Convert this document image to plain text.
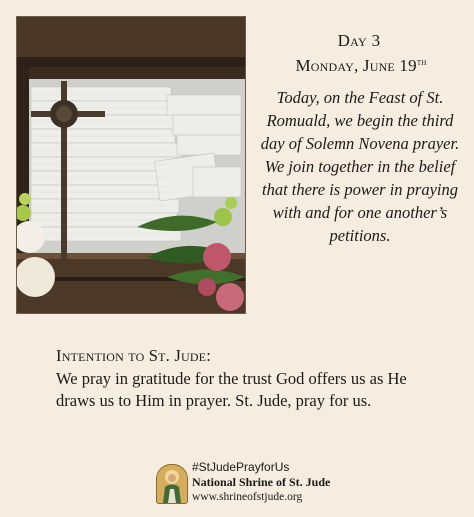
Day 3
Monday, June 19th

Today, on the Feast of St. Romuald, we begin the third day of Solemn Novena prayer. We join together in the belief that there is power in praying with and for one another’s petitions.

Intention to St. Jude:

We pray in gratitude for the trust God offers us as He draws us to Him in prayer. St. Jude, pray for us.

#StJudePrayforUs
National Shrine of St. Jude
www.shrineofstjude.org
